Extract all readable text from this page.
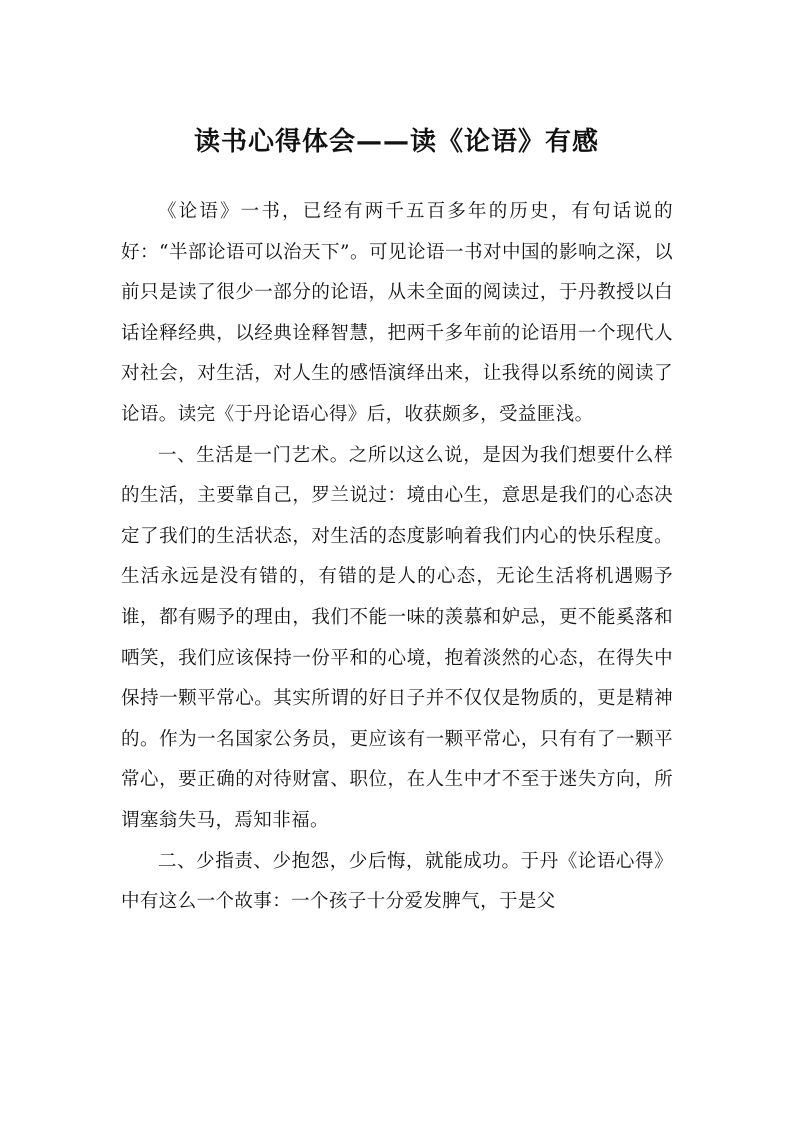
读书心得体会——读《论语》有感

《论语》一书，已经有两千五百多年的历史，有句话说的好：“半部论语可以治天下”。可见论语一书对中国的影响之深，以前只是读了很少一部分的论语，从未全面的阅读过，于丹教授以白话诠释经典，以经典诠释智慧，把两千多年前的论语用一个现代人对社会，对生活，对人生的感悟演绎出来，让我得以系统的阅读了论语。读完《于丹论语心得》后，收获颇多，受益匪浅。

一、生活是一门艺术。之所以这么说，是因为我们想要什么样的生活，主要靠自己，罗兰说过：境由心生，意思是我们的心态决定了我们的生活状态，对生活的态度影响着我们内心的快乐程度。生活永远是没有错的，有错的是人的心态，无论生活将机遇赐予谁，都有赐予的理由，我们不能一味的羡慕和妒忌，更不能奚落和哂笑，我们应该保持一份平和的心境，抱着淡然的心态，在得失中保持一颗平常心。其实所谓的好日子并不仅仅是物质的，更是精神的。作为一名国家公务员，更应该有一颗平常心，只有有了一颗平常心，要正确的对待财富、职位，在人生中才不至于迷失方向，所谓塞翁失马，焉知非福。

二、少指责、少抱怨，少后悔，就能成功。于丹《论语心得》中有这么一个故事：一个孩子十分爱发脾气，于是父
